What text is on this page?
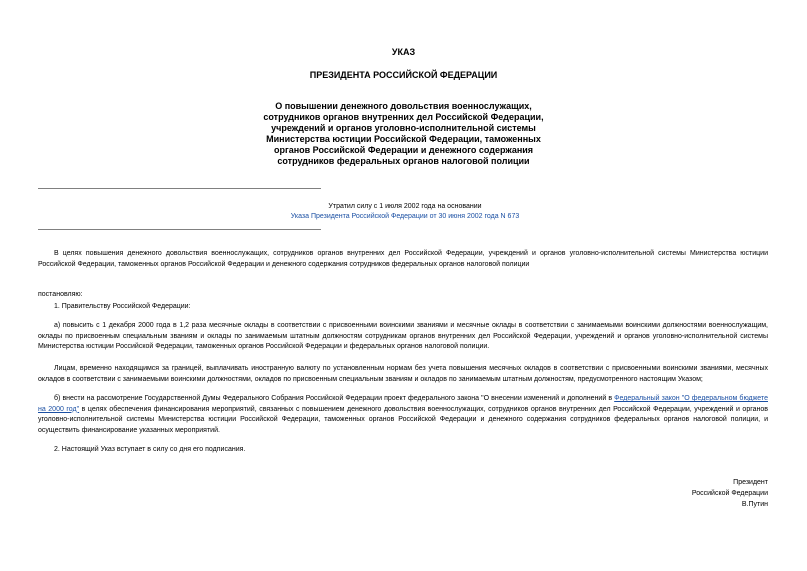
УКАЗ
ПРЕЗИДЕНТА РОССИЙСКОЙ ФЕДЕРАЦИИ
О повышении денежного довольствия военнослужащих, сотрудников органов внутренних дел Российской Федерации, учреждений и органов уголовно-исполнительной системы Министерства юстиции Российской Федерации, таможенных органов Российской Федерации и денежного содержания сотрудников федеральных органов налоговой полиции
Утратил силу с 1 июля 2002 года на основании
Указа Президента Российской Федерации от 30 июня 2002 года N 673
В целях повышения денежного довольствия военнослужащих, сотрудников органов внутренних дел Российской Федерации, учреждений и органов уголовно-исполнительной системы Министерства юстиции Российской Федерации, таможенных органов Российской Федерации и денежного содержания сотрудников федеральных органов налоговой полиции
постановляю:
1. Правительству Российской Федерации:
а) повысить с 1 декабря 2000 года в 1,2 раза месячные оклады в соответствии с присвоенными воинскими званиями и месячные оклады в соответствии с занимаемыми воинскими должностями военнослужащим, оклады по присвоенным специальным званиям и оклады по занимаемым штатным должностям сотрудникам органов внутренних дел Российской Федерации, учреждений и органов уголовно-исполнительной системы Министерства юстиции Российской Федерации, таможенных органов Российской Федерации и федеральных органов налоговой полиции.
Лицам, временно находящимся за границей, выплачивать иностранную валюту по установленным нормам без учета повышения месячных окладов в соответствии с присвоенными воинскими званиями, месячных окладов в соответствии с занимаемыми воинскими должностями, окладов по присвоенным специальным званиям и окладов по занимаемым штатным должностям, предусмотренного настоящим Указом;
б) внести на рассмотрение Государственной Думы Федерального Собрания Российской Федерации проект федерального закона "О внесении изменений и дополнений в Федеральный закон "О федеральном бюджете на 2000 год" в целях обеспечения финансирования мероприятий, связанных с повышением денежного довольствия военнослужащих, сотрудников органов внутренних дел Российской Федерации, учреждений и органов уголовно-исполнительной системы Министерства юстиции Российской Федерации, таможенных органов Российской Федерации и денежного содержания сотрудников федеральных органов налоговой полиции, и осуществить финансирование указанных мероприятий.
2. Настоящий Указ вступает в силу со дня его подписания.
Президент
Российской Федерации
В.Путин
